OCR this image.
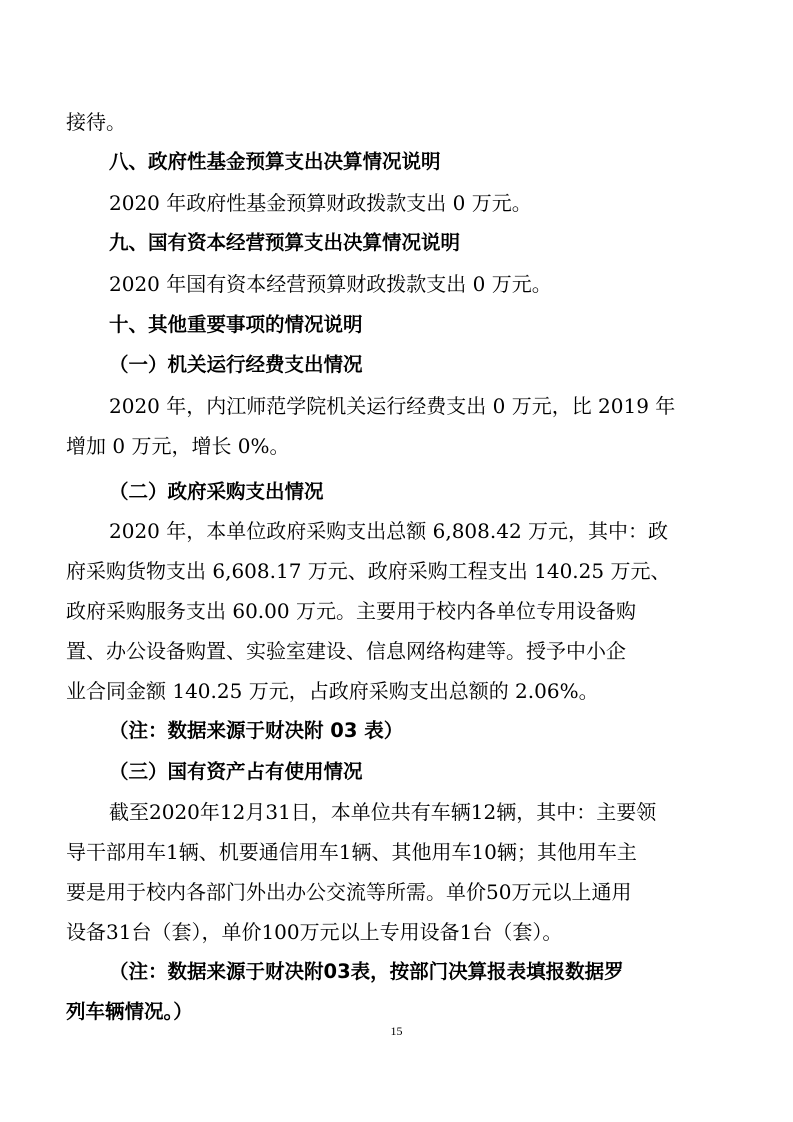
接待。

八、政府性基金预算支出决算情况说明

2020 年政府性基金预算财政拨款支出 0 万元。

九、国有资本经营预算支出决算情况说明

2020 年国有资本经营预算财政拨款支出 0 万元。

十、其他重要事项的情况说明

（一）机关运行经费支出情况

2020 年，内江师范学院机关运行经费支出 0 万元，比 2019 年

增加 0 万元，增长 0%。

（二）政府采购支出情况

2020 年，本单位政府采购支出总额 6,808.42 万元，其中：政

府采购货物支出 6,608.17 万元、政府采购工程支出 140.25 万元、

政府采购服务支出 60.00 万元。主要用于校内各单位专用设备购

置、办公设备购置、实验室建设、信息网络构建等。授予中小企

业合同金额 140.25 万元，占政府采购支出总额的 2.06%。

（注：数据来源于财决附 03 表）

（三）国有资产占有使用情况

截至2020年12月31日，本单位共有车辆12辆，其中：主要领

导干部用车1辆、机要通信用车1辆、其他用车10辆；其他用车主

要是用于校内各部门外出办公交流等所需。单价50万元以上通用

设备31台（套），单价100万元以上专用设备1台（套）。

（注：数据来源于财决附03表，按部门决算报表填报数据罗

列车辆情况。）

15
